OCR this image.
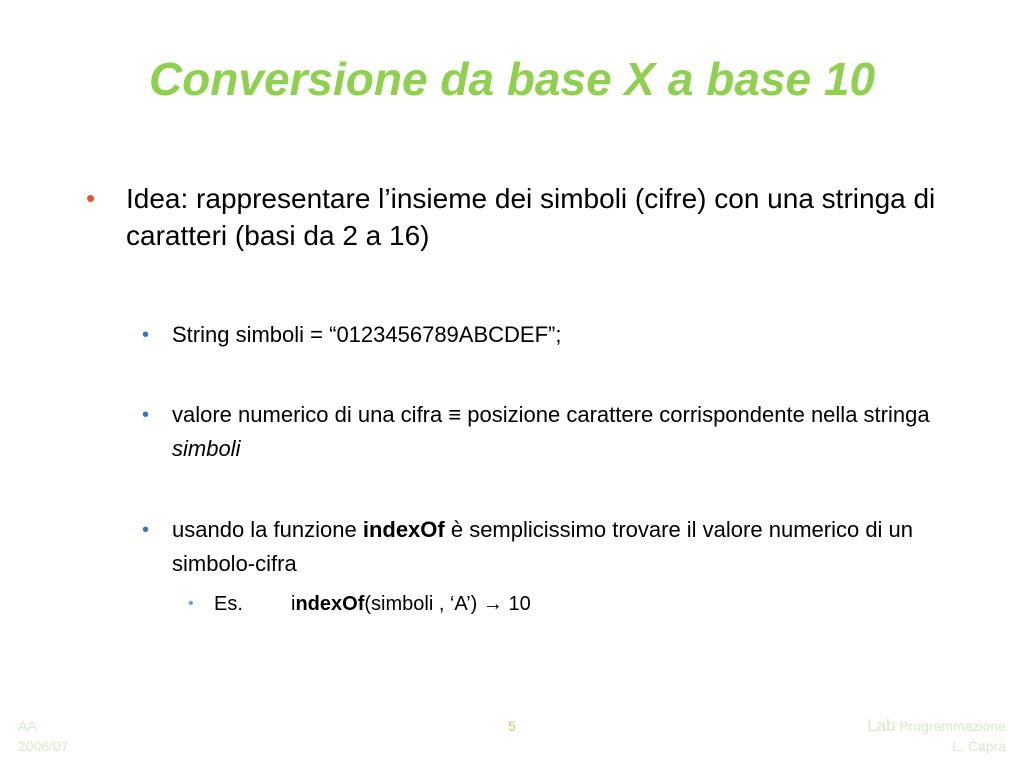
Conversione da base X a base 10
•	Idea: rappresentare l’insieme dei simboli (cifre) con una stringa di caratteri (basi da 2 a 16)
•	String simboli = “0123456789ABCDEF”;
•	valore numerico di una cifra ≡ posizione carattere corrispondente nella stringa simboli
•	usando la funzione indexOf è semplicissimo trovare il valore numerico di un simbolo-cifra
•	Es. indexOf(simboli , ‘A’) → 10
AA
2006/07
5	Lab Programmazione
L. Capra
